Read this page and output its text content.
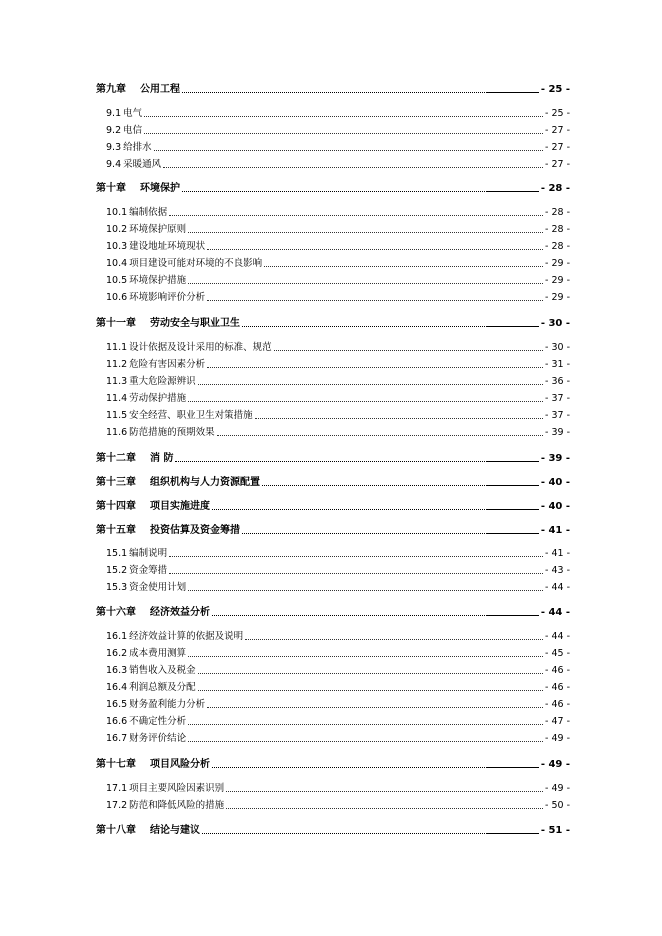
第九章 公用工程	- 25 -
9.1 电气	- 25 -
9.2 电信	- 27 -
9.3 给排水	- 27 -
9.4 采暖通风	- 27 -
第十章 环境保护	- 28 -
10.1 编制依据	- 28 -
10.2 环境保护原则	- 28 -
10.3 建设地址环境现状	- 28 -
10.4 项目建设可能对环境的不良影响	- 29 -
10.5 环境保护措施	- 29 -
10.6 环境影响评价分析	- 29 -
第十一章 劳动安全与职业卫生	- 30 -
11.1 设计依据及设计采用的标准、规范	- 30 -
11.2 危险有害因素分析	- 31 -
11.3 重大危险源辨识	- 36 -
11.4 劳动保护措施	- 37 -
11.5 安全经营、职业卫生对策措施	- 37 -
11.6 防范措施的预期效果	- 39 -
第十二章 消 防	- 39 -
第十三章 组织机构与人力资源配置	- 40 -
第十四章 项目实施进度	- 40 -
第十五章 投资估算及资金筹措	- 41 -
15.1 编制说明	- 41 -
15.2 资金筹措	- 43 -
15.3 资金使用计划	- 44 -
第十六章 经济效益分析	- 44 -
16.1 经济效益计算的依据及说明	- 44 -
16.2 成本费用测算	- 45 -
16.3 销售收入及税金	- 46 -
16.4 利润总额及分配	- 46 -
16.5 财务盈利能力分析	- 46 -
16.6 不确定性分析	- 47 -
16.7 财务评价结论	- 49 -
第十七章 项目风险分析	- 49 -
17.1 项目主要风险因素识别	- 49 -
17.2 防范和降低风险的措施	- 50 -
第十八章 结论与建议	- 51 -
